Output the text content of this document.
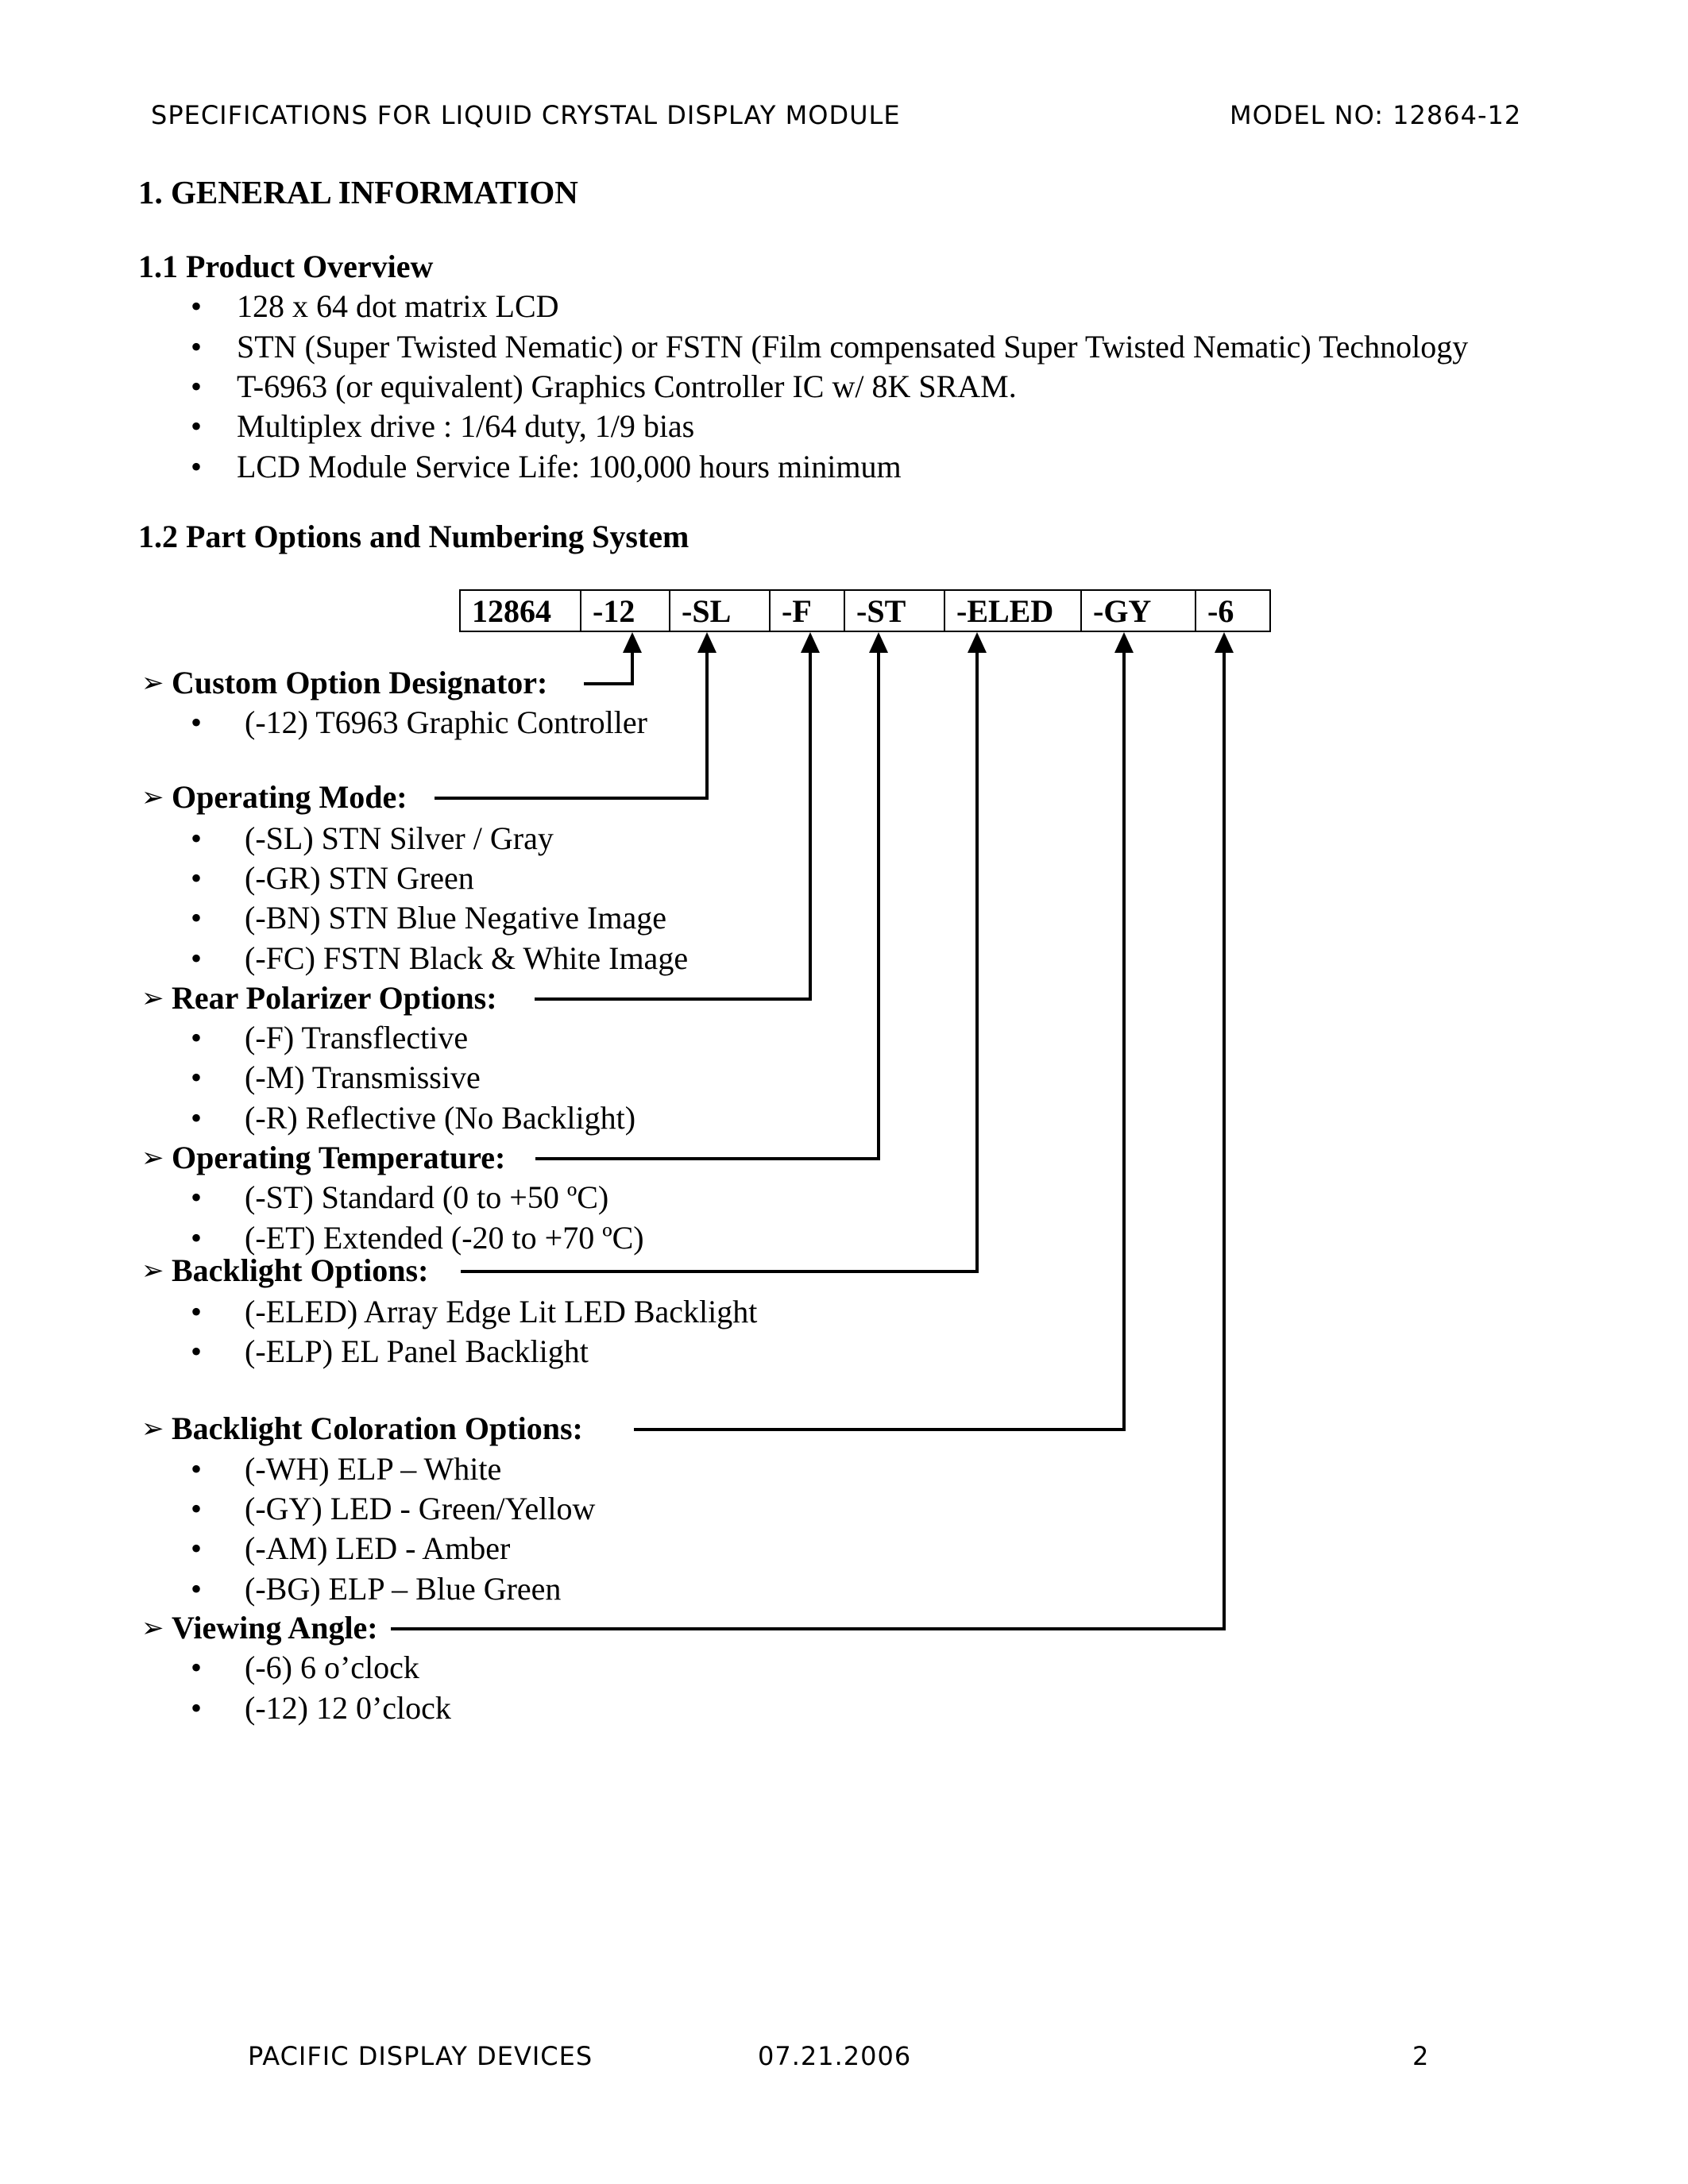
SPECIFICATIONS FOR LIQUID CRYSTAL DISPLAY MODULE	MODEL NO: 12864-12
1. GENERAL INFORMATION
1.1 Product Overview
• 128 x 64 dot matrix LCD
• STN (Super Twisted Nematic) or FSTN (Film compensated Super Twisted Nematic) Technology
• T-6963 (or equivalent) Graphics Controller IC w/ 8K SRAM.
• Multiplex drive : 1/64 duty, 1/9 bias
• LCD Module Service Life: 100,000 hours minimum
1.2 Part Options and Numbering System
12864	-12	-SL	-F	-ST	-ELED	-GY	-6
➢ Custom Option Designator:
• (-12) T6963 Graphic Controller
➢ Operating Mode:
• (-SL) STN Silver / Gray
• (-GR) STN Green
• (-BN) STN Blue Negative Image
• (-FC) FSTN Black & White Image
➢ Rear Polarizer Options:
• (-F) Transflective
• (-M) Transmissive
• (-R) Reflective (No Backlight)
➢ Operating Temperature:
• (-ST) Standard (0 to +50 ºC)
• (-ET) Extended (-20 to +70 ºC)
➢ Backlight Options:
• (-ELED) Array Edge Lit LED Backlight
• (-ELP) EL Panel Backlight
➢ Backlight Coloration Options:
• (-WH) ELP – White
• (-GY) LED - Green/Yellow
• (-AM) LED - Amber
• (-BG) ELP – Blue Green
➢ Viewing Angle:
• (-6) 6 o’clock
• (-12) 12 0’clock
PACIFIC DISPLAY DEVICES	07.21.2006	2
